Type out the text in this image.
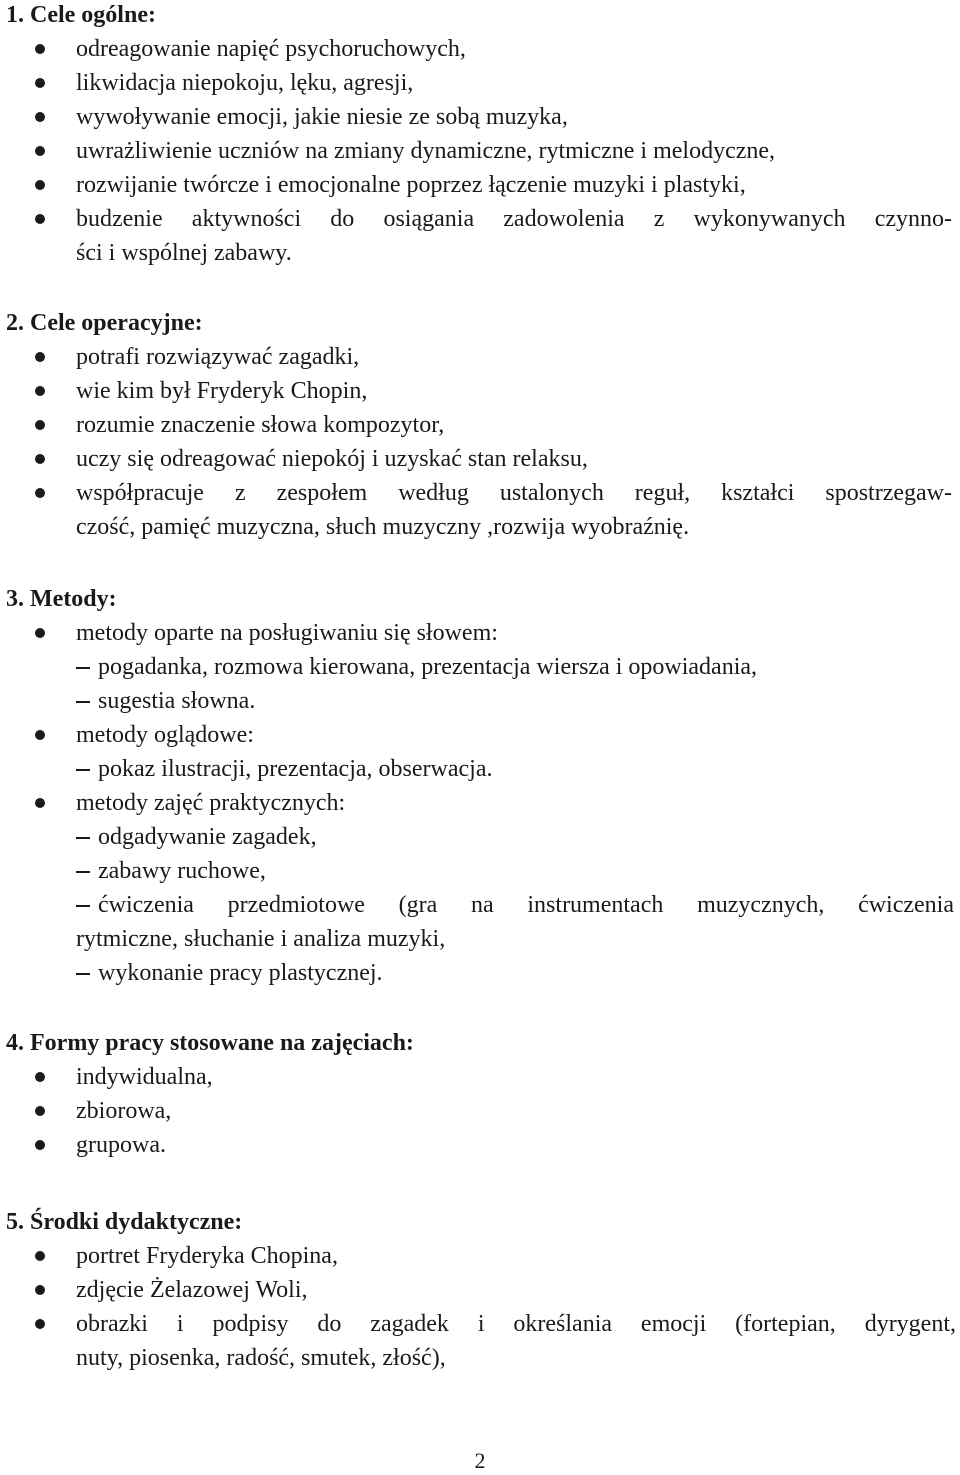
1. Cele ogólne:
odreagowanie napięć psychoruchowych,
likwidacja niepokoju, lęku, agresji,
wywoływanie emocji, jakie niesie ze sobą muzyka,
uwrażliwienie uczniów na zmiany dynamiczne, rytmiczne i melodyczne,
rozwijanie twórcze i emocjonalne poprzez łączenie muzyki i plastyki,
budzenie aktywności do osiągania zadowolenia z wykonywanych czynno-
ści i wspólnej zabawy.
2. Cele operacyjne:
potrafi rozwiązywać zagadki,
wie kim był Fryderyk Chopin,
rozumie znaczenie słowa kompozytor,
uczy się odreagować niepokój i uzyskać stan relaksu,
współpracuje z zespołem według ustalonych reguł, kształci spostrzegaw-
czość, pamięć muzyczna, słuch muzyczny ,rozwija wyobraźnię.
3. Metody:
metody oparte na posługiwaniu się słowem:
pogadanka, rozmowa kierowana, prezentacja wiersza i opowiadania,
sugestia słowna.
metody oglądowe:
pokaz ilustracji, prezentacja, obserwacja.
metody zajęć praktycznych:
odgadywanie zagadek,
zabawy ruchowe,
ćwiczenia przedmiotowe (gra na instrumentach muzycznych, ćwiczenia
rytmiczne, słuchanie i analiza muzyki,
wykonanie pracy plastycznej.
4. Formy pracy stosowane na zajęciach:
indywidualna,
zbiorowa,
grupowa.
5. Środki dydaktyczne:
portret Fryderyka Chopina,
zdjęcie Żelazowej Woli,
obrazki i podpisy do zagadek i określania emocji (fortepian, dyrygent,
nuty, piosenka, radość, smutek, złość),
2
